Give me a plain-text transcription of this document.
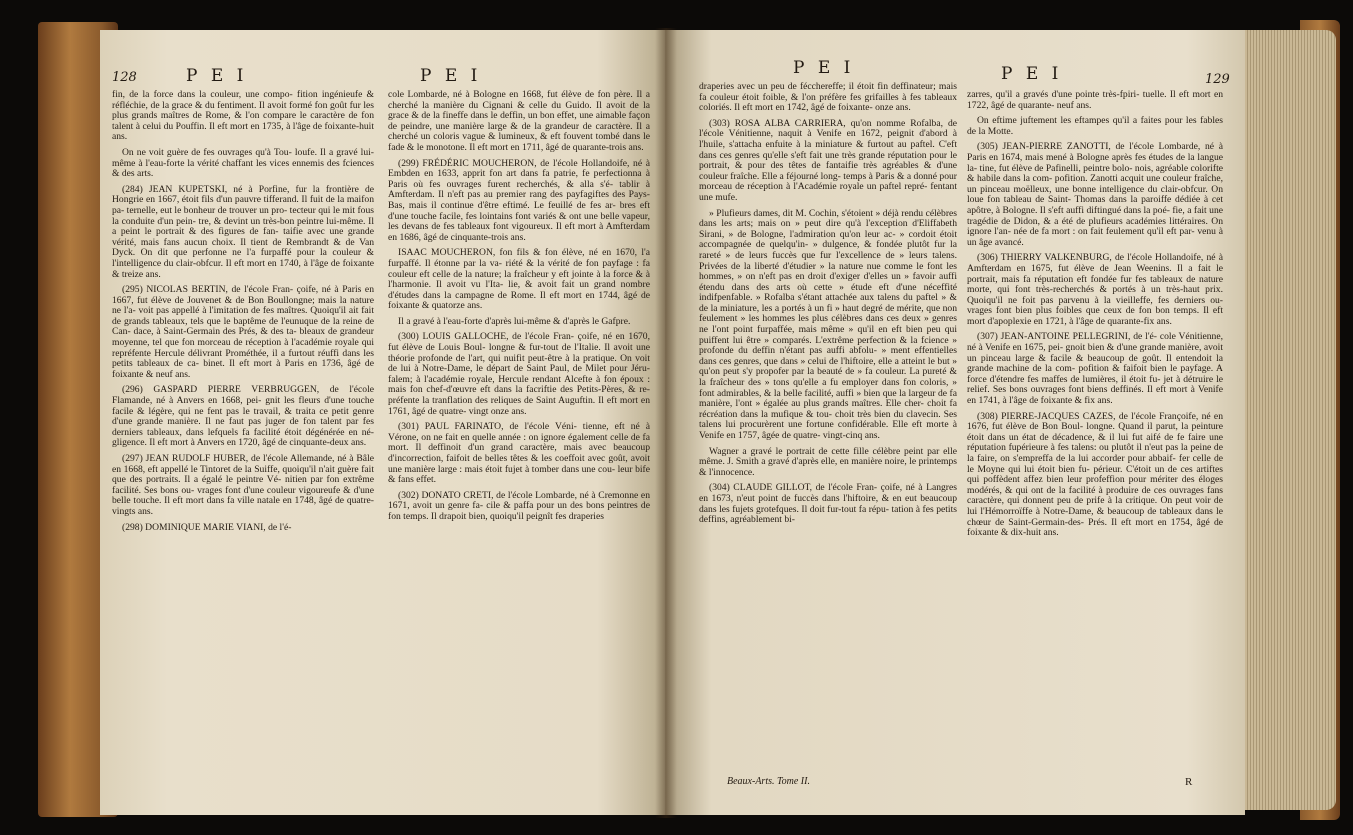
128	P E I	P E I

fin, de la force dans la couleur, une compo- fition ingénieufe & réfléchie, de la grace & du fentiment. Il avoit formé fon goût fur les plus grands maîtres de Rome, & l'on compare le caractère de fon talent à celui du Pouffin. Il eft mort en 1735, à l'âge de foixante-huit ans.

On ne voit guère de fes ouvrages qu'à Tou- loufe. Il a gravé lui-même à l'eau-forte la vérité chaffant les vices ennemis des fciences & des arts.

(284) JEAN KUPETSKI, né à Porfine, fur la frontière de Hongrie en 1667, étoit fils d'un pauvre tifferand. Il fuit de la maifon pa- ternelle, eut le bonheur de trouver un pro- tecteur qui le mit fous la conduite d'un pein- tre, & devint un très-bon peintre lui-même. Il a peint le portrait & des figures de fan- taifie avec une grande vérité, mais fans aucun choix. Il tient de Rembrandt & de Van Dyck. On dit que perfonne ne l'a furpaffé pour la couleur & l'intelligence du clair-obfcur. Il eft mort en 1740, à l'âge de foixante & treize ans.

(295) NICOLAS BERTIN, de l'école Fran- çoife, né à Paris en 1667, fut élève de Jouvenet & de Bon Boullongne; mais la nature ne l'a- voit pas appellé à l'imitation de fes maîtres. Quoiqu'il ait fait de grands tableaux, tels que le baptême de l'eunuque de la reine de Can- dace, à Saint-Germain des Prés, & des ta- bleaux de grandeur moyenne, tel que fon morceau de réception à l'académie royale qui repréfente Hercule délivrant Prométhée, il a furtout réuffi dans les petits tableaux de ca- binet. Il eft mort à Paris en 1736, âgé de foixante & neuf ans.

(296) GASPARD PIERRE VERBRUGGEN, de l'école Flamande, né à Anvers en 1668, pei- gnit les fleurs d'une touche facile & légère, qui ne fent pas le travail, & traita ce petit genre d'une grande manière. Il ne faut pas juger de fon talent par fes derniers tableaux, dans lefquels fa facilité étoit dégénérée en né- gligence. Il eft mort à Anvers en 1720, âgé de cinquante-deux ans.

(297) JEAN RUDOLF HUBER, de l'école Allemande, né à Bâle en 1668, eft appellé le Tintoret de la Suiffe, quoiqu'il n'ait guère fait que des portraits. Il a égalé le peintre Vé- nitien par fon extrême facilité. Ses bons ou- vrages font d'une couleur vigoureufe & d'une belle touche. Il eft mort dans fa ville natale en 1748, âgé de quatre-vingts ans.

(298) DOMINIQUE MARIE VIANI, de l'é-

cole Lombarde, né à Bologne en 1668, fut élève de fon père. Il a cherché la manière du Cignani & celle du Guido. Il avoit de la grace & de la fineffe dans le deffin, un bon effet, une aimable façon de peindre, une manière large & de la grandeur de caractère. Il a cherché un coloris vague & lumineux, & eft fouvent tombé dans le fade & le monotone. Il eft mort en 1711, âgé de quarante-trois ans.

(299) FRÉDÉRIC MOUCHERON, de l'école Hollandoife, né à Embden en 1633, apprit fon art dans fa patrie, fe perfectionna à Paris où fes ouvrages furent recherchés, & alla s'é- tablir à Amfterdam. Il n'eft pas au premier rang des payfagiftes des Pays-Bas, mais il continue d'être eftimé. Le feuillé de fes ar- bres eft d'une touche facile, fes lointains font variés & ont une belle vapeur, les devans de fes tableaux font vigoureux. Il eft mort à Amfterdam en 1686, âgé de cinquante-trois ans.

ISAAC MOUCHERON, fon fils & fon élève, né en 1670, l'a furpaffé. Il étonne par la va- riété & la vérité de fon payfage : fa couleur eft celle de la nature; la fraîcheur y eft jointe à la force & à l'harmonie. Il avoit vu l'Ita- lie, & avoit fait un grand nombre d'études dans la campagne de Rome. Il eft mort en 1744, âgé de foixante & quatorze ans.

Il a gravé à l'eau-forte d'après lui-même & d'après le Gafpre.

(300) LOUIS GALLOCHE, de l'école Fran- çoife, né en 1670, fut élève de Louis Boul- longne & fur-tout de l'Italie. Il avoit une théorie profonde de l'art, qui nuifit peut-être à la pratique. On voit de lui à Notre-Dame, le départ de Saint Paul, de Milet pour Jéru- falem; à l'académie royale, Hercule rendant Alcefte à fon époux : mais fon chef-d'œuvre eft dans la facriftie des Petits-Pères, & re- préfente la tranflation des reliques de Saint Auguftin. Il eft mort en 1761, âgé de quatre- vingt onze ans.

(301) PAUL FARINATO, de l'école Véni- tienne, eft né à Vérone, on ne fait en quelle année : on ignore également celle de fa mort. Il deffinoit d'un grand caractère, mais avec beaucoup d'incorrection, faifoit de belles têtes & les coeffoit avec goût, avoit une manière large : mais étoit fujet à tomber dans une cou- leur bife & fans effet.

(302) DONATO CRETI, de l'école Lombarde, né à Cremonne en 1671, avoit un genre fa- cile & paffa pour un des bons peintres de fon temps. Il drapoit bien, quoiqu'il peignît fes draperies

P E I	P E I	129

draperies avec un peu de fécchereffe; il étoit fin deffinateur; mais fa couleur étoit foible, & l'on préfère fes grifailles à fes tableaux coloriés. Il eft mort en 1742, âgé de foixante- onze ans.

(303) ROSA ALBA CARRIERA, qu'on nomme Rofalba, de l'école Vénitienne, naquit à Venife en 1672, peignit d'abord à l'huile, s'attacha enfuite à la miniature & furtout au paftel. C'eft dans ces genres qu'elle s'eft fait une très grande réputation pour le portrait, & pour des têtes de fantaifie très agréables & d'une couleur fraîche. Elle a féjourné long- temps à Paris & a donné pour morceau de réception à l'Académie royale un paftel repré- fentant une mufe.

» Plufieurs dames, dit M. Cochin, s'étoient » déjà rendu célèbres dans les arts; mais on » peut dire qu'à l'exception d'Eliffabeth Sirani, » de Bologne, l'admiration qu'on leur ac- » cordoit étoit accompagnée de quelqu'in- » dulgence, & fondée plutôt fur la rareté » de leurs fuccès que fur l'excellence de » leurs talens. Privées de la liberté d'étudier » la nature nue comme le font les hommes, » on n'eft pas en droit d'exiger d'elles un » favoir auffi étendu dans des arts où cette » étude eft d'une néceffité indifpenfable. » Rofalba s'étant attachée aux talens du paftel » & de la miniature, les a portés à un fi » haut degré de mérite, que non feulement » les hommes les plus célèbres dans ces deux » genres ne l'ont point furpaffée, mais même » qu'il en eft bien peu qui puiffent lui être » comparés. L'extrême perfection & la fcience » profonde du deffin n'étant pas auffi abfolu- » ment effentielles dans ces genres, que dans » celui de l'hiftoire, elle a atteint le but » qu'on peut s'y propofer par la beauté de » fa couleur. La pureté & la fraîcheur des » tons qu'elle a fu employer dans fon coloris, » font admirables, & la belle facilité, auffi » bien que la largeur de fa manière, l'ont » égalée au plus grands maîtres. Elle cher- choit fa récréation dans la mufique & tou- choit très bien du clavecin. Ses talens lui procurèrent une fortune confidérable. Elle eft morte à Venife en 1757, âgée de quatre- vingt-cinq ans.

Wagner a gravé le portrait de cette fille célèbre peint par elle même. J. Smith a gravé d'après elle, en manière noire, le printemps & l'innocence.

(304) CLAUDE GILLOT, de l'école Fran- çoife, né à Langres en 1673, n'eut point de fuccès dans l'hiftoire, & en eut beaucoup dans les fujets grotefques. Il doit fur-tout fa répu- tation à fes petits deffins, agréablement bi-

Beaux-Arts. Tome II.

zarres, qu'il a gravés d'une pointe très-fpiri- tuelle. Il eft mort en 1722, âgé de quarante- neuf ans.

On eftime juftement les eftampes qu'il a faites pour les fables de la Motte.

(305) JEAN-PIERRE ZANOTTI, de l'école Lombarde, né à Paris en 1674, mais mené à Bologne après fes études de la langue la- tine, fut élève de Pafinelli, peintre bolo- nois, agréable colorifte & habile dans la com- pofition. Zanotti acquit une couleur fraîche, un pinceau moëlleux, une bonne intelligence du clair-obfcur. On loue fon tableau de Saint- Thomas dans la paroiffe dédiée à cet apôtre, à Bologne. Il s'eft auffi diftingué dans la poé- fie, a fait une tragédie de Didon, & a été de plufieurs académies littéraires. On ignore l'an- née de fa mort : on fait feulement qu'il eft par- venu à un âge avancé.

(306) THIERRY VALKENBURG, de l'école Hollandoife, né à Amfterdam en 1675, fut élève de Jean Weenins. Il a fait le portrait, mais fa réputation eft fondée fur fes tableaux de nature morte, qui font très-recherchés & portés à un très-haut prix. Quoiqu'il ne foit pas parvenu à la vieilleffe, fes derniers ou- vrages font bien plus foibles que ceux de fon bon temps. Il eft mort d'apoplexie en 1721, à l'âge de quarante-fix ans.

(307) JEAN-ANTOINE PELLEGRINI, de l'é- cole Vénitienne, né à Venife en 1675, pei- gnoit bien & d'une grande manière, avoit un pinceau large & facile & beaucoup de goût. Il entendoit la grande machine de la com- pofition & faifoit bien le payfage. A force d'étendre fes maffes de lumières, il étoit fu- jet à détruire le relief. Ses bons ouvrages font biens deffinés. Il eft mort à Venife en 1741, à l'âge de foixante & fix ans.

(308) PIERRE-JACQUES CAZES, de l'école Françoife, né en 1676, fut élève de Bon Boul- longne. Quand il parut, la peinture étoit dans un état de décadence, & il lui fut aifé de fe faire une réputation fupérieure à fes talens: ou plutôt il n'eut pas la peine de la faire, on s'empreffa de la lui accorder pour abbaif- fer celle de le Moyne qui lui étoit bien fu- périeur. C'étoit un de ces artiftes qui poffèdent affez bien leur profeffion pour mériter des éloges modérés, & qui ont de la facilité à produire de ces ouvrages fans caractère, qui donnent peu de prife à la critique. On peut voir de lui l'Hémorroïffe à Notre-Dame, & beaucoup de tableaux dans le chœur de Saint-Germain-des- Prés. Il eft mort en 1754, âgé de foixante & dix-huit ans.

R
